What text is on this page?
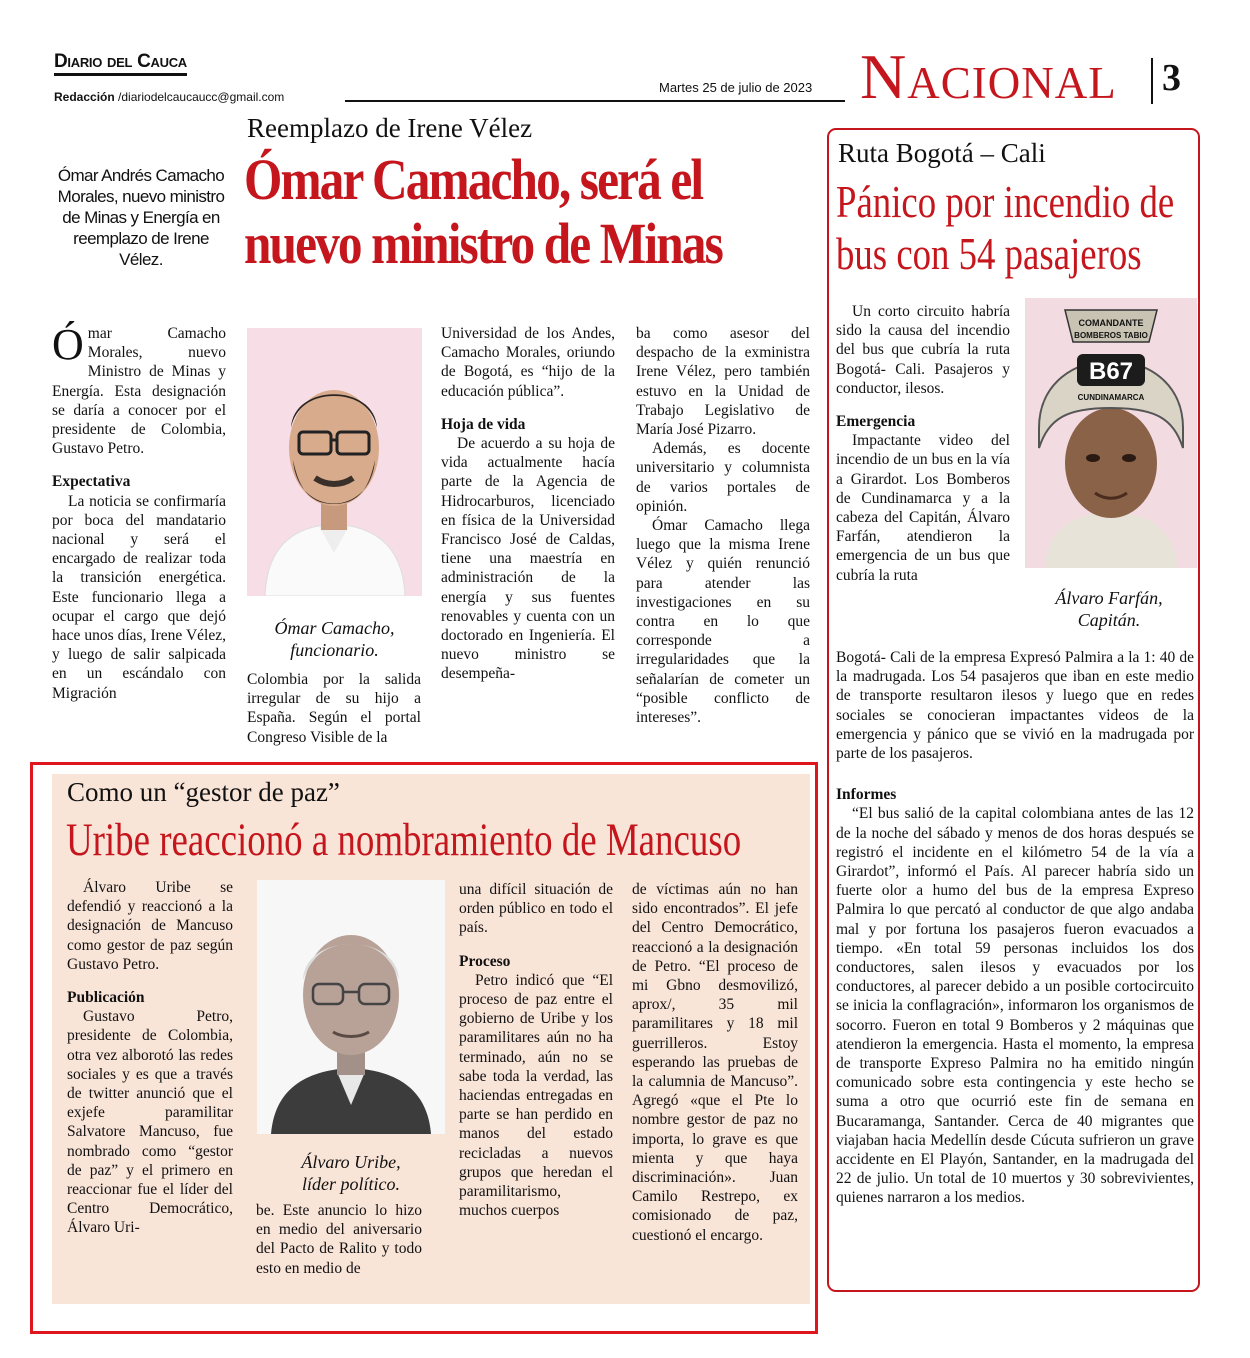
Diario del Cauca
Redacción /diariodelcaucaucc@gmail.com
Martes 25 de julio de 2023 Nacional 3
Reemplazo de Irene Vélez
Ómar Camacho, será el
nuevo ministro de Minas
Ómar Andrés Camacho Morales, nuevo ministro de Minas y Energía en reemplazo de Irene Vélez.

Ómar Camacho Morales, nuevo Ministro de Minas y Energía. Esta designación se daría a conocer por el presidente de Colombia, Gustavo Petro.

Expectativa

La noticia se confirmaría por boca del mandatario nacional y será el encargado de realizar toda la transición energética. Este funcionario llega a ocupar el cargo que dejó hace unos días, Irene Vélez, y luego de salir salpicada en un escándalo con Migración

Ómar Camacho,
funcionario.

Colombia por la salida irregular de su hijo a España. Según el portal Congreso Visible de la

Universidad de los Andes, Camacho Morales, oriundo de Bogotá, es “hijo de la educación pública”.

Hoja de vida

De acuerdo a su hoja de vida actualmente hacía parte de la Agencia de Hidrocarburos, licenciado en física de la Universidad Francisco José de Caldas, tiene una maestría en administración de la energía y sus fuentes renovables y cuenta con un doctorado en Ingeniería. El nuevo ministro se desempeña-

ba como asesor del despacho de la exministra Irene Vélez, pero también estuvo en la Unidad de Trabajo Legislativo de María José Pizarro.

Además, es docente universitario y columnista de varios portales de opinión.

Ómar Camacho llega luego que la misma Irene Vélez y quién renunció para atender las investigaciones en su contra en lo que corresponde a irregularidades que la señalarían de cometer un “posible conflicto de intereses”.

Ruta Bogotá – Cali
Pánico por incendio de
bus con 54 pasajeros

Un corto circuito habría sido la causa del incendio del bus que cubría la ruta Bogotá- Cali. Pasajeros y conductor, ilesos.

Emergencia

Impactante video del incendio de un bus en la vía a Girardot. Los Bomberos de Cundinamarca y a la cabeza del Capitán, Álvaro Farfán, atendieron la emergencia de un bus que cubría la ruta

COMANDANTE
BOMBEROS TABIO
B67
CUNDINAMARCA
Álvaro Farfán,
Capitán.

Bogotá- Cali de la empresa Expresó Palmira a la 1: 40 de la madrugada. Los 54 pasajeros que iban en este medio de transporte resultaron ilesos y luego que en redes sociales se conocieran impactantes videos de la emergencia y pánico que se vivió en la madrugada por parte de los pasajeros.

Informes

“El bus salió de la capital colombiana antes de las 12 de la noche del sábado y menos de dos horas después se registró el incidente en el kilómetro 54 de la vía a Girardot”, informó el País. Al parecer habría sido un fuerte olor a humo del bus de la empresa Expreso Palmira lo que percató al conductor de que algo andaba mal y por fortuna los pasajeros fueron evacuados a tiempo. «En total 59 personas incluidos los dos conductores, salen ilesos y evacuados por los conductores, al parecer debido a un posible cortocircuito se inicia la conflagración», informaron los organismos de socorro. Fueron en total 9 Bomberos y 2 máquinas que atendieron la emergencia. Hasta el momento, la empresa de transporte Expreso Palmira no ha emitido ningún comunicado sobre esta contingencia y este hecho se suma a otro que ocurrió este fin de semana en Bucaramanga, Santander. Cerca de 40 migrantes que viajaban hacia Medellín desde Cúcuta sufrieron un grave accidente en El Playón, Santander, en la madrugada del 22 de julio. Un total de 10 muertos y 30 sobrevivientes, quienes narraron a los medios.

Como un “gestor de paz”
Uribe reaccionó a nombramiento de Mancuso

Álvaro Uribe se defendió y reaccionó a la designación de Mancuso como gestor de paz según Gustavo Petro.

Publicación

Gustavo Petro, presidente de Colombia, otra vez alborotó las redes sociales y es que a través de twitter anunció que el exjefe paramilitar Salvatore Mancuso, fue nombrado como “gestor de paz” y el primero en reaccionar fue el líder del Centro Democrático, Álvaro Uri-

Álvaro Uribe,
líder político.

be. Este anuncio lo hizo en medio del aniversario del Pacto de Ralito y todo esto en medio de

una difícil situación de orden público en todo el país.

Proceso

Petro indicó que “El proceso de paz entre el gobierno de Uribe y los paramilitares aún no ha terminado, aún no se sabe toda la verdad, las haciendas entregadas en parte se han perdido en manos del estado recicladas a nuevos grupos que heredan el paramilitarismo, muchos cuerpos

de víctimas aún no han sido encontrados”. El jefe del Centro Democrático, reaccionó a la designación de Petro. “El proceso de mi Gbno desmovilizó, aprox/, 35 mil paramilitares y 18 mil guerrilleros. Estoy esperando las pruebas de la calumnia de Mancuso”. Agregó «que el Pte lo nombre gestor de paz no importa, lo grave es que mienta y que haya discriminación». Juan Camilo Restrepo, ex comisionado de paz, cuestionó el encargo.
